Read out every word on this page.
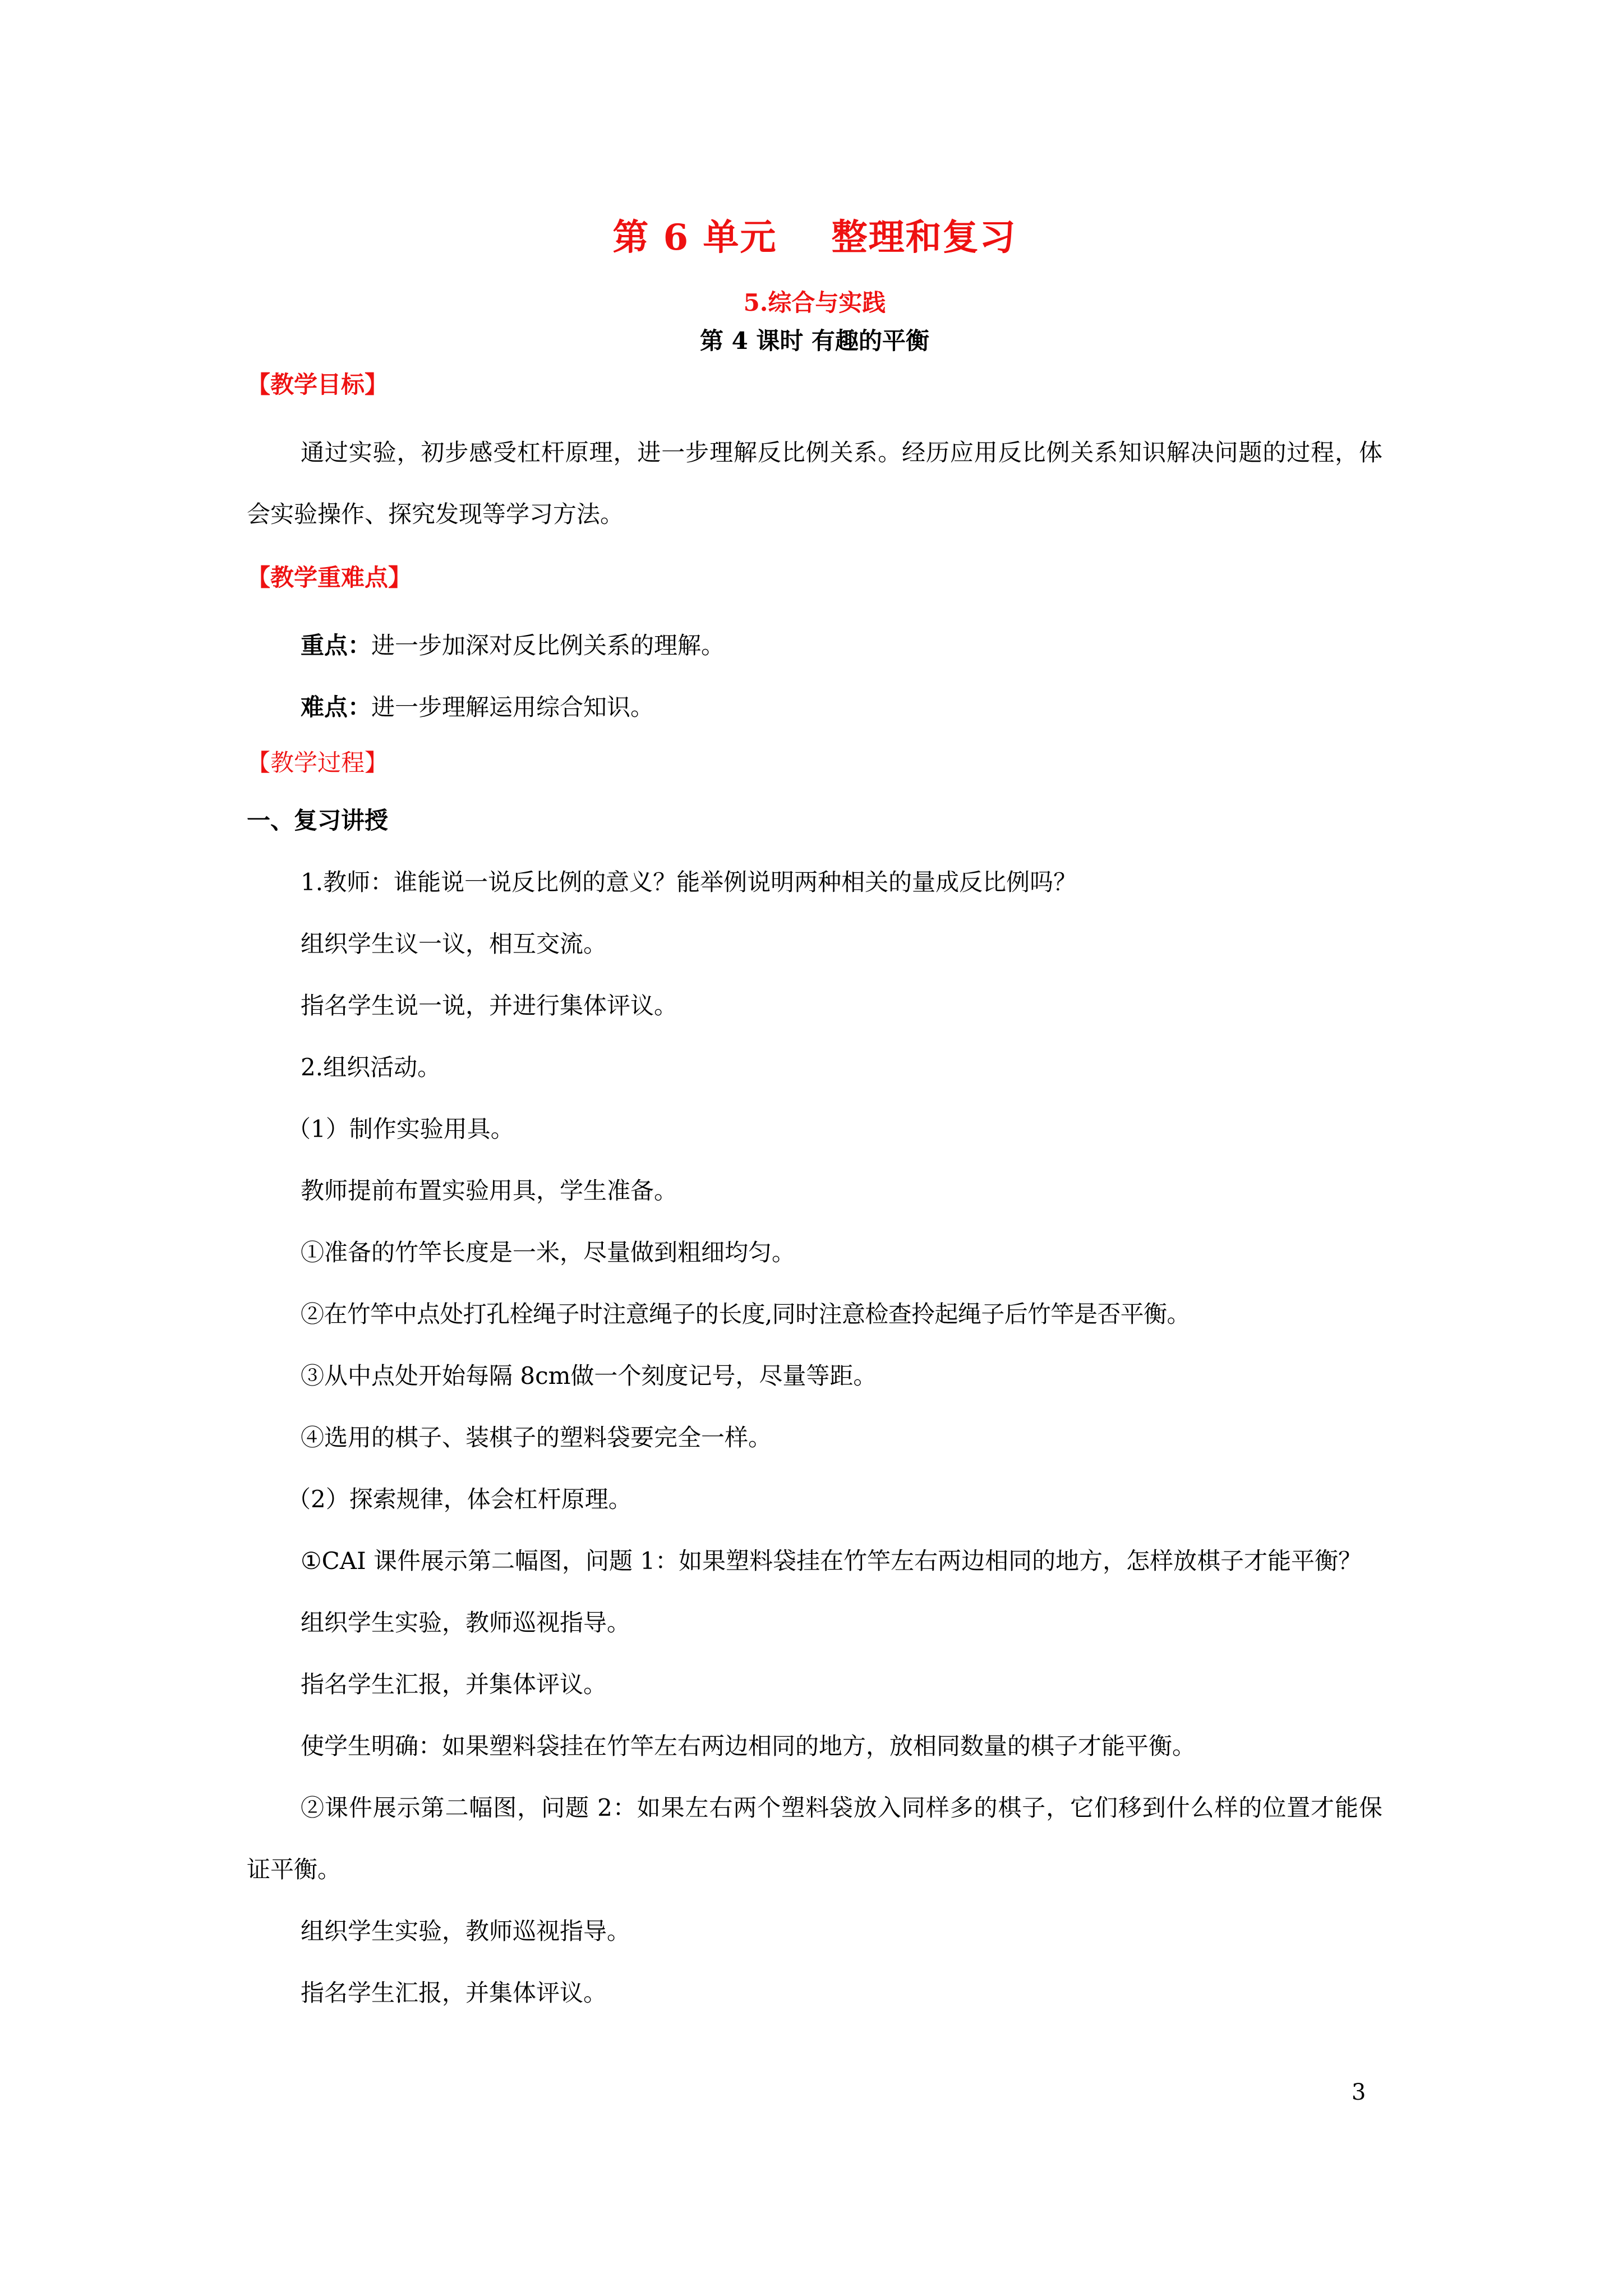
第 6 单元    整理和复习
5.综合与实践
第 4 课时 有趣的平衡
【教学目标】

通过实验，初步感受杠杆原理，进一步理解反比例关系。经历应用反比例关系知识解决问题的过程，体会实验操作、探究发现等学习方法。

【教学重难点】
重点：进一步加深对反比例关系的理解。
难点：进一步理解运用综合知识。
【教学过程】
一、复习讲授
1.教师：谁能说一说反比例的意义？能举例说明两种相关的量成反比例吗？
组织学生议一议，相互交流。
指名学生说一说，并进行集体评议。
2.组织活动。
（1）制作实验用具。
教师提前布置实验用具，学生准备。
①准备的竹竿长度是一米，尽量做到粗细均匀。
②在竹竿中点处打孔栓绳子时注意绳子的长度,同时注意检查拎起绳子后竹竿是否平衡。
③从中点处开始每隔 8cm做一个刻度记号，尽量等距。
④选用的棋子、装棋子的塑料袋要完全一样。
（2）探索规律，体会杠杆原理。

①CAI 课件展示第二幅图，问题 1：如果塑料袋挂在竹竿左右两边相同的地方，怎样放棋子才能平衡？

组织学生实验，教师巡视指导。
指名学生汇报，并集体评议。
使学生明确：如果塑料袋挂在竹竿左右两边相同的地方，放相同数量的棋子才能平衡。

②课件展示第二幅图，问题 2：如果左右两个塑料袋放入同样多的棋子，它们移到什么样的位置才能保证平衡。

组织学生实验，教师巡视指导。
指名学生汇报，并集体评议。
3
